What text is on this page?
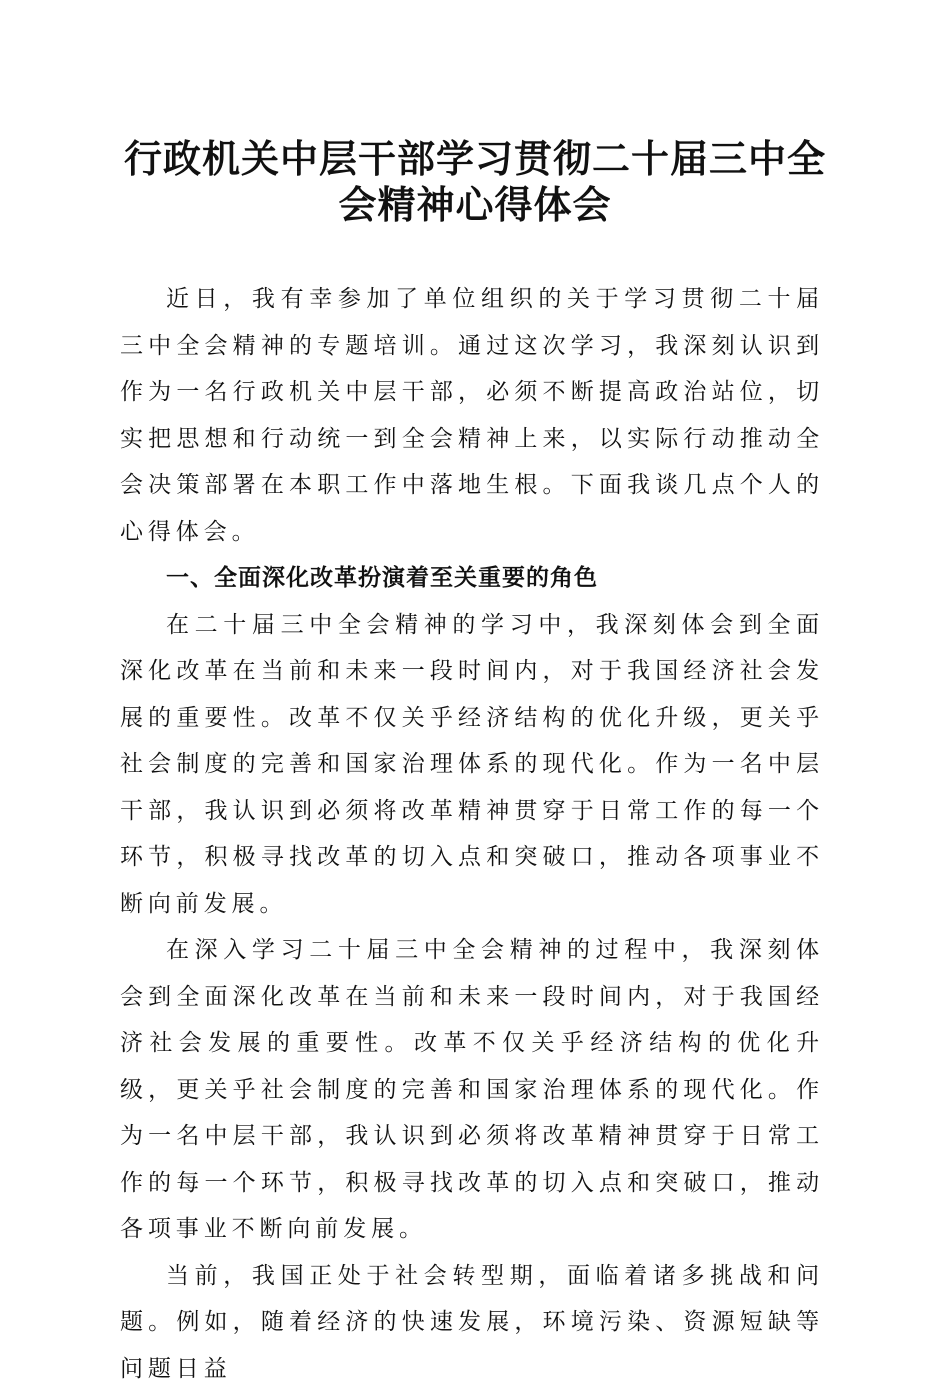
行政机关中层干部学习贯彻二十届三中全会精神心得体会

近日，我有幸参加了单位组织的关于学习贯彻二十届三中全会精神的专题培训。通过这次学习，我深刻认识到作为一名行政机关中层干部，必须不断提高政治站位，切实把思想和行动统一到全会精神上来，以实际行动推动全会决策部署在本职工作中落地生根。下面我谈几点个人的心得体会。

一、全面深化改革扮演着至关重要的角色

在二十届三中全会精神的学习中，我深刻体会到全面深化改革在当前和未来一段时间内，对于我国经济社会发展的重要性。改革不仅关乎经济结构的优化升级，更关乎社会制度的完善和国家治理体系的现代化。作为一名中层干部，我认识到必须将改革精神贯穿于日常工作的每一个环节，积极寻找改革的切入点和突破口，推动各项事业不断向前发展。

在深入学习二十届三中全会精神的过程中，我深刻体会到全面深化改革在当前和未来一段时间内，对于我国经济社会发展的重要性。改革不仅关乎经济结构的优化升级，更关乎社会制度的完善和国家治理体系的现代化。作为一名中层干部，我认识到必须将改革精神贯穿于日常工作的每一个环节，积极寻找改革的切入点和突破口，推动各项事业不断向前发展。

当前，我国正处于社会转型期，面临着诸多挑战和问题。例如，随着经济的快速发展，环境污染、资源短缺等问题日益
